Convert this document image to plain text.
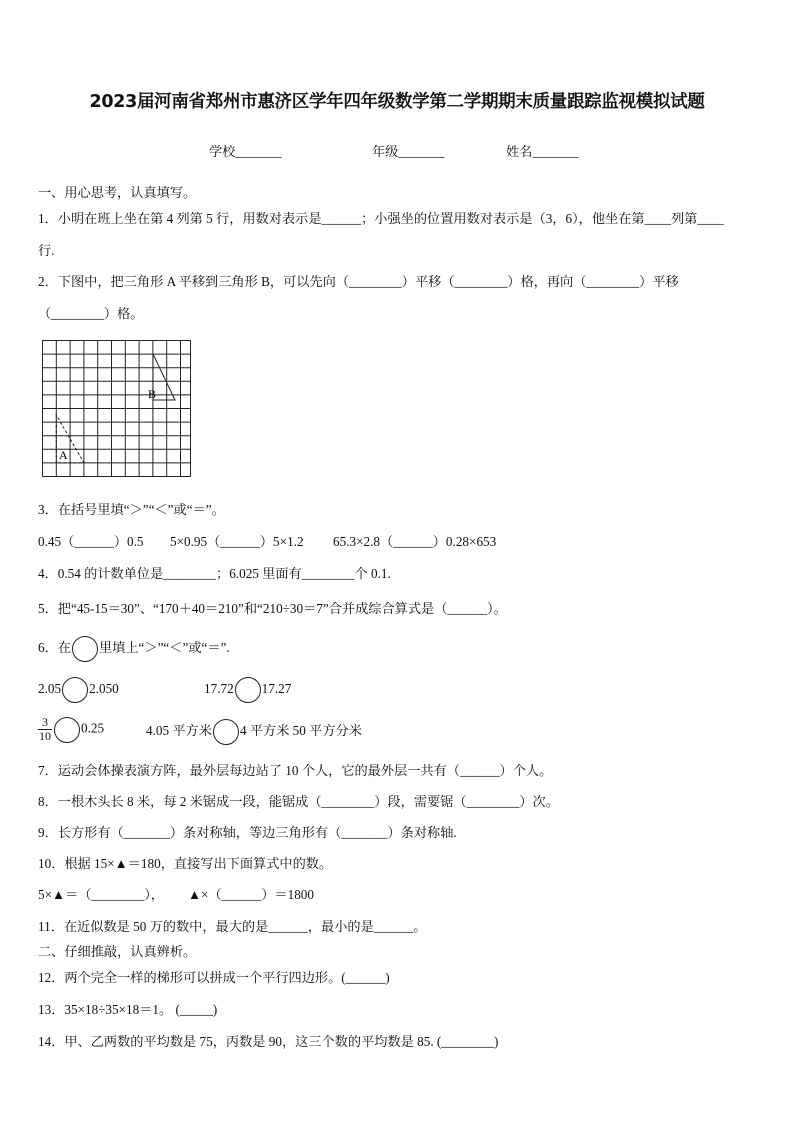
2023届河南省郑州市惠济区学年四年级数学第二学期期末质量跟踪监视模拟试题
学校_______	年级_______	姓名_______
一、用心思考，认真填写。
1．小明在班上坐在第 4 列第 5 行，用数对表示是______；小强坐的位置用数对表示是（3，6），他坐在第____列第____
行.
2．下图中，把三角形 A 平移到三角形 B，可以先向（________）平移（________）格，再向（________）平移
（________）格。
A
B
3．在括号里填“＞”“＜”或“＝”。
0.45（______）0.5 5×0.95（______）5×1.2 65.3×2.8（______）0.28×653
4．0.54 的计数单位是________；6.025 里面有________个 0.1.
5．把“45-15＝30”、“170＋40＝210”和“210÷30＝7”合并成综合算式是（______）。
6．在 里填上“＞”“＜”或“＝”.
2.05 2.050	17.72 17.27
$\frac{3}{10} 0.25$	4.05 平方米 4 平方米 50 平方分米
7．运动会体操表演方阵，最外层每边站了 10 个人，它的最外层一共有（______）个人。
8．一根木头长 8 米，每 2 米锯成一段，能锯成（________）段，需要锯（________）次。
9．长方形有（_______）条对称轴，等边三角形有（_______）条对称轴.
10．根据 15×▲＝180，直接写出下面算式中的数。
5×▲＝（________）， ▲×（______）＝1800
11．在近似数是 50 万的数中，最大的是______，最小的是______。
二、仔细推敲，认真辨析。
12．两个完全一样的梯形可以拼成一个平行四边形。(______)
13．35×18÷35×18＝1。 (_____)
14．甲、乙两数的平均数是 75，丙数是 90，这三个数的平均数是 85. (________)
